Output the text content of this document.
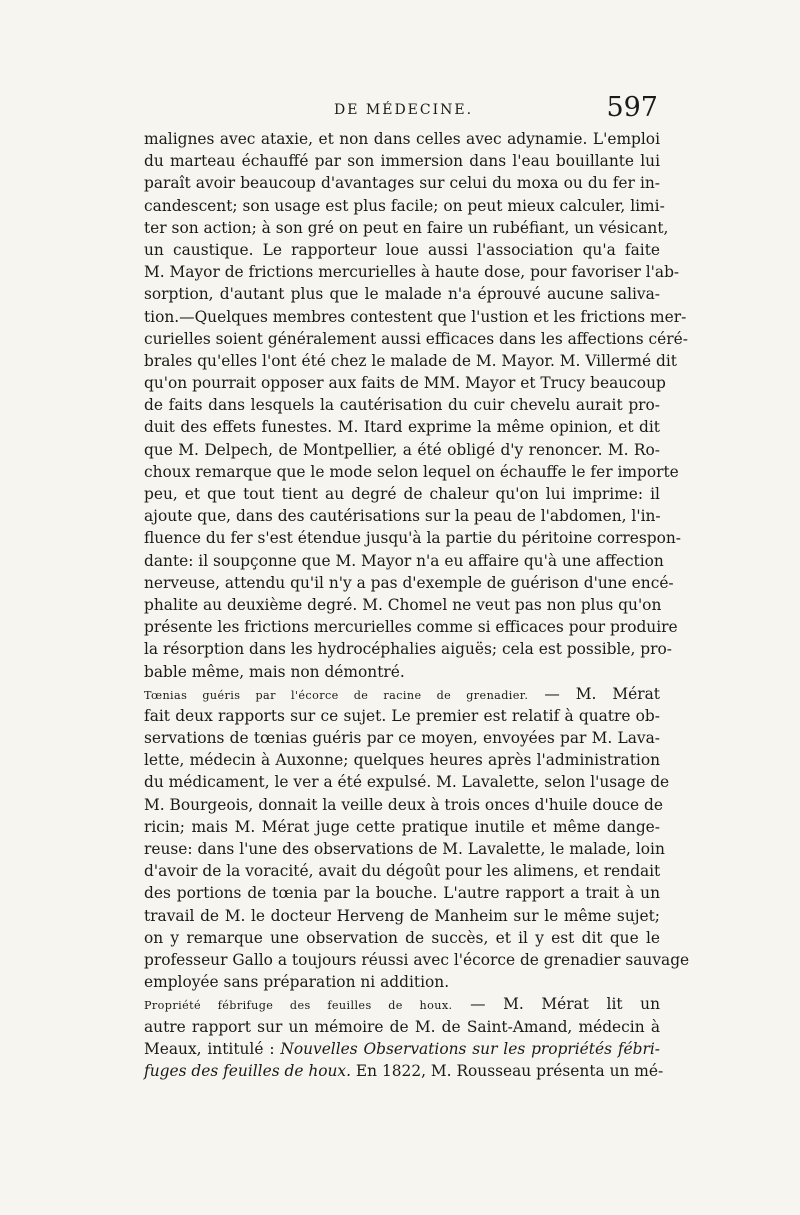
DE MÉDECINE.	597
malignes avec ataxie, et non dans celles avec adynamie. L'emploi
du marteau échauffé par son immersion dans l'eau bouillante lui
paraît avoir beaucoup d'avantages sur celui du moxa ou du fer in-
candescent; son usage est plus facile; on peut mieux calculer, limi-
ter son action; à son gré on peut en faire un rubéfiant, un vésicant,
un caustique. Le rapporteur loue aussi l'association qu'a faite
M. Mayor de frictions mercurielles à haute dose, pour favoriser l'ab-
sorption, d'autant plus que le malade n'a éprouvé aucune saliva-
tion.—Quelques membres contestent que l'ustion et les frictions mer-
curielles soient généralement aussi efficaces dans les affections céré-
brales qu'elles l'ont été chez le malade de M. Mayor. M. Villermé dit
qu'on pourrait opposer aux faits de MM. Mayor et Trucy beaucoup
de faits dans lesquels la cautérisation du cuir chevelu aurait pro-
duit des effets funestes. M. Itard exprime la même opinion, et dit
que M. Delpech, de Montpellier, a été obligé d'y renoncer. M. Ro-
choux remarque que le mode selon lequel on échauffe le fer importe
peu, et que tout tient au degré de chaleur qu'on lui imprime: il
ajoute que, dans des cautérisations sur la peau de l'abdomen, l'in-
fluence du fer s'est étendue jusqu'à la partie du péritoine correspon-
dante: il soupçonne que M. Mayor n'a eu affaire qu'à une affection
nerveuse, attendu qu'il n'y a pas d'exemple de guérison d'une encé-
phalite au deuxième degré. M. Chomel ne veut pas non plus qu'on
présente les frictions mercurielles comme si efficaces pour produire
la résorption dans les hydrocéphalies aiguës; cela est possible, pro-
bable même, mais non démontré.
Tœnias guéris par l'écorce de racine de grenadier. — M. Mérat
fait deux rapports sur ce sujet. Le premier est relatif à quatre ob-
servations de tœnias guéris par ce moyen, envoyées par M. Lava-
lette, médecin à Auxonne; quelques heures après l'administration
du médicament, le ver a été expulsé. M. Lavalette, selon l'usage de
M. Bourgeois, donnait la veille deux à trois onces d'huile douce de
ricin; mais M. Mérat juge cette pratique inutile et même dange-
reuse: dans l'une des observations de M. Lavalette, le malade, loin
d'avoir de la voracité, avait du dégoût pour les alimens, et rendait
des portions de tœnia par la bouche. L'autre rapport a trait à un
travail de M. le docteur Herveng de Manheim sur le même sujet;
on y remarque une observation de succès, et il y est dit que le
professeur Gallo a toujours réussi avec l'écorce de grenadier sauvage
employée sans préparation ni addition.
Propriété fébrifuge des feuilles de houx. — M. Mérat lit un
autre rapport sur un mémoire de M. de Saint-Amand, médecin à
Meaux, intitulé : Nouvelles Observations sur les propriétés fébri-
fuges des feuilles de houx. En 1822, M. Rousseau présenta un mé-
